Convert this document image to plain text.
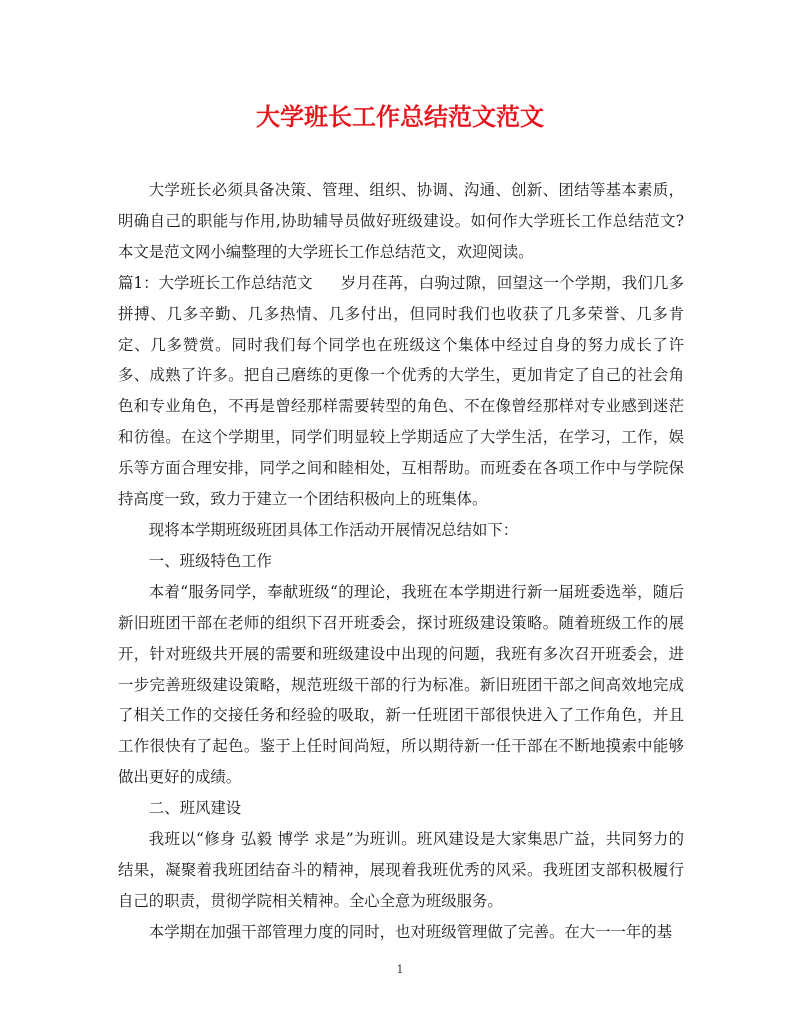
大学班长工作总结范文范文

大学班长必须具备决策、管理、组织、协调、沟通、创新、团结等基本素质，明确自己的职能与作用,协助辅导员做好班级建设。如何作大学班长工作总结范文?本文是范文网小编整理的大学班长工作总结范文，欢迎阅读。

篇1：大学班长工作总结范文 岁月荏苒，白驹过隙，回望这一个学期，我们几多拼搏、几多辛勤、几多热情、几多付出，但同时我们也收获了几多荣誉、几多肯定、几多赞赏。同时我们每个同学也在班级这个集体中经过自身的努力成长了许多、成熟了许多。把自己磨练的更像一个优秀的大学生，更加肯定了自己的社会角色和专业角色，不再是曾经那样需要转型的角色、不在像曾经那样对专业感到迷茫和彷徨。在这个学期里，同学们明显较上学期适应了大学生活，在学习，工作，娱乐等方面合理安排，同学之间和睦相处，互相帮助。而班委在各项工作中与学院保持高度一致，致力于建立一个团结积极向上的班集体。

现将本学期班级班团具体工作活动开展情况总结如下：

一、班级特色工作

本着“服务同学，奉献班级“的理论，我班在本学期进行新一届班委选举，随后新旧班团干部在老师的组织下召开班委会，探讨班级建设策略。随着班级工作的展开，针对班级共开展的需要和班级建设中出现的问题，我班有多次召开班委会，进一步完善班级建设策略，规范班级干部的行为标准。新旧班团干部之间高效地完成了相关工作的交接任务和经验的吸取，新一任班团干部很快进入了工作角色，并且工作很快有了起色。鉴于上任时间尚短，所以期待新一任干部在不断地摸索中能够做出更好的成绩。

二、班风建设

我班以“修身 弘毅 博学 求是”为班训。班风建设是大家集思广益，共同努力的结果，凝聚着我班团结奋斗的精神，展现着我班优秀的风采。我班团支部积极履行自己的职责，贯彻学院相关精神。全心全意为班级服务。

本学期在加强干部管理力度的同时，也对班级管理做了完善。在大一一年的基

1
